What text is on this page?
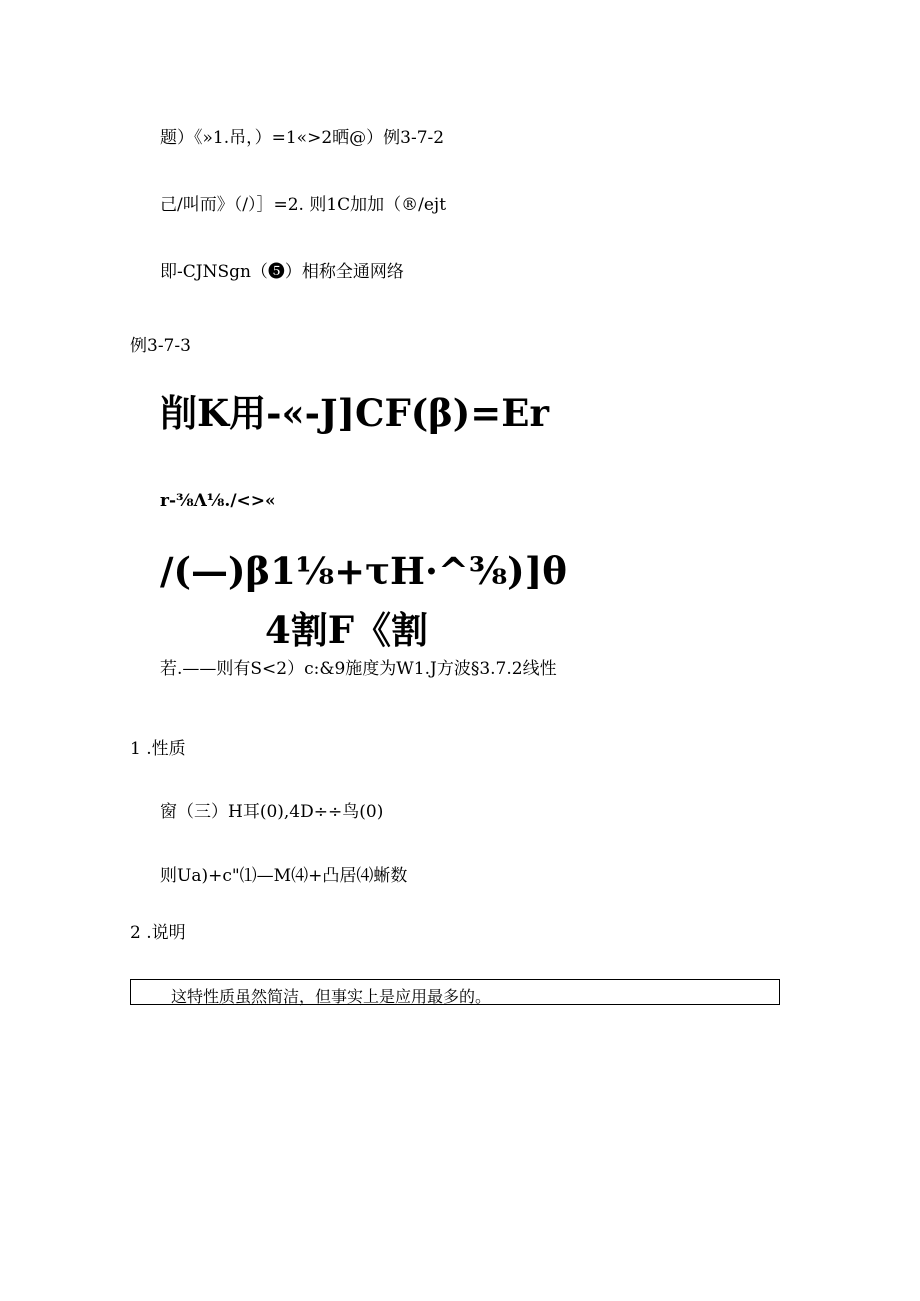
题）《»1.吊，）=1«>2晒@）例3-7-2
己/叫而》（/）］=2. 则1C加加（®/ejt
即-CJNSgn（❺）相称全通网络
例3-7-3
削K用-«-J]CF(β)=Er
r-⅜Λ⅛./<>«
/(—)β1⅛+τH·^⅜)]θ
4割F《割
若.——则有S<2）c:&9施度为W1.J方波§3.7.2线性
1 .性质
窗（三）H耳(0),4D÷÷鸟(0)
则Ua)+c"⑴—M⑷+凸居⑷蜥数
2 .说明
这特性质虽然简洁，但事实上是应用最多的。
